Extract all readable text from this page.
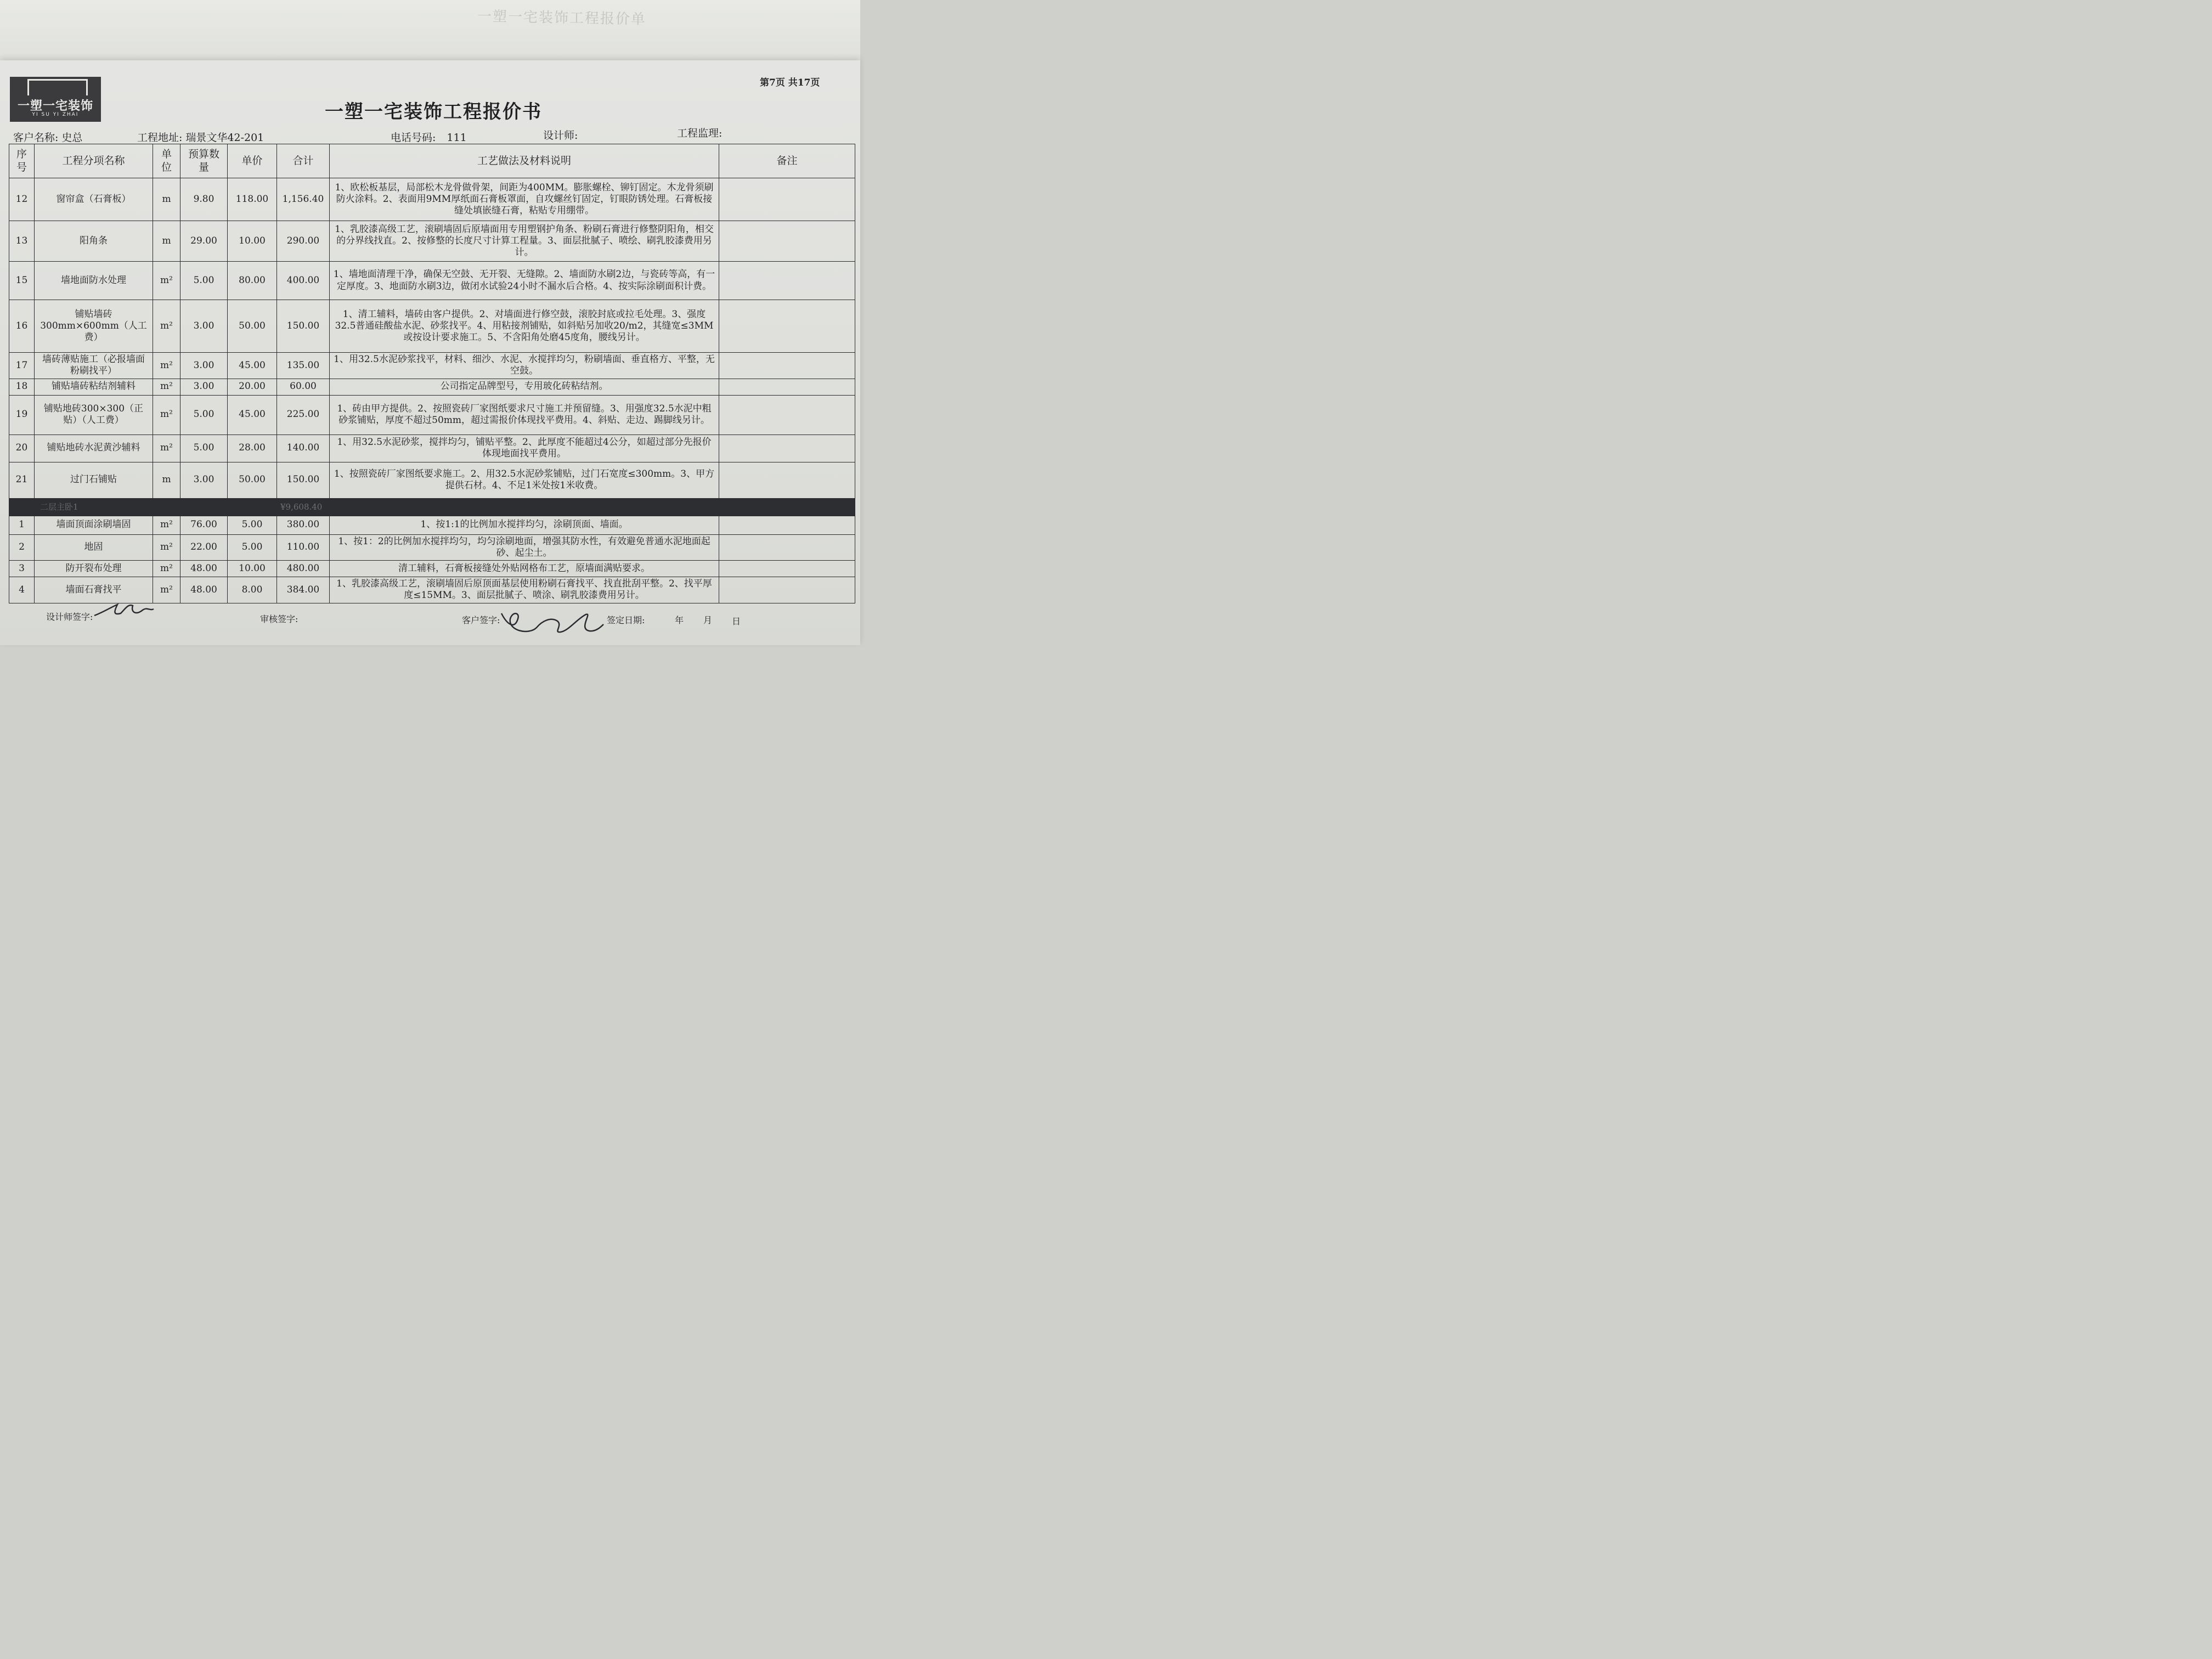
一塑一宅装饰工程报价单
一塑一宅装饰
YI SU YI ZHAI
第7页 共17页
一塑一宅装饰工程报价书
客户名称: 史总	工程地址: 瑞景文华42-201	电话号码: 111	设计师:	工程监理:
序号	工程分项名称	单位	预算数量	单价	合计	工艺做法及材料说明	备注
12	窗帘盒（石膏板）	m	9.80	118.00	1,156.40	1、欧松板基层，局部松木龙骨做骨架，间距为400MM。膨胀螺栓、铆钉固定。木龙骨须刷防火涂料。2、表面用9MM厚纸面石膏板罩面，自攻螺丝钉固定，钉眼防锈处理。石膏板接缝处填嵌缝石膏，粘贴专用绷带。	
13	阳角条	m	29.00	10.00	290.00	1、乳胶漆高级工艺，滚刷墙固后原墙面用专用塑钢护角条、粉刷石膏进行修整阴阳角，相交的分界线找直。2、按修整的长度尺寸计算工程量。3、面层批腻子、喷绘、刷乳胶漆费用另计。	
15	墙地面防水处理	m²	5.00	80.00	400.00	1、墙地面清理干净，确保无空鼓、无开裂、无缝隙。2、墙面防水刷2边，与瓷砖等高，有一定厚度。3、地面防水刷3边，做闭水试验24小时不漏水后合格。4、按实际涂刷面积计费。	
16	铺贴墙砖300mm×600mm（人工费）	m²	3.00	50.00	150.00	1、清工辅料，墙砖由客户提供。2、对墙面进行修空鼓，滚胶封底或拉毛处理。3、强度32.5普通硅酸盐水泥、砂浆找平。4、用粘接剂铺贴，如斜贴另加收20/m2，其缝宽≤3MM或按设计要求施工。5、不含阳角处磨45度角，腰线另计。	
17	墙砖薄贴施工（必报墙面粉刷找平）	m²	3.00	45.00	135.00	1、用32.5水泥砂浆找平，材料、细沙、水泥、水搅拌均匀，粉刷墙面、垂直格方、平整，无空鼓。	
18	铺贴墙砖粘结剂辅料	m²	3.00	20.00	60.00	公司指定品牌型号，专用玻化砖粘结剂。	
19	铺贴地砖300×300（正贴）（人工费）	m²	5.00	45.00	225.00	1、砖由甲方提供。2、按照瓷砖厂家图纸要求尺寸施工并预留缝。3、用强度32.5水泥中粗砂浆铺贴，厚度不超过50mm，超过需报价体现找平费用。4、斜贴、走边、踢脚线另计。	
20	铺贴地砖水泥黄沙辅料	m²	5.00	28.00	140.00	1、用32.5水泥砂浆，搅拌均匀，铺贴平整。2、此厚度不能超过4公分，如超过部分先报价体现地面找平费用。	
21	过门石铺贴	m	3.00	50.00	150.00	1、按照瓷砖厂家图纸要求施工。2、用32.5水泥砂浆铺贴，过门石宽度≤300mm。3、甲方提供石材。4、不足1米处按1米收费。	
二层主卧1					¥9,608.40		
1	墙面顶面涂刷墙固	m²	76.00	5.00	380.00	1、按1:1的比例加水搅拌均匀，涂刷顶面、墙面。	
2	地固	m²	22.00	5.00	110.00	1、按1：2的比例加水搅拌均匀，均匀涂刷地面，增强其防水性，有效避免普通水泥地面起砂、起尘土。	
3	防开裂布处理	m²	48.00	10.00	480.00	清工辅料，石膏板接缝处外贴网格布工艺，原墙面满贴要求。	
4	墙面石膏找平	m²	48.00	8.00	384.00	1、乳胶漆高级工艺，滚刷墙固后原顶面基层使用粉刷石膏找平、找直批刮平整。2、找平厚度≤15MM。3、面层批腻子、喷涂、刷乳胶漆费用另计。	
设计师签字:	审核签字:	客户签字:	签定日期:	年 月 日
